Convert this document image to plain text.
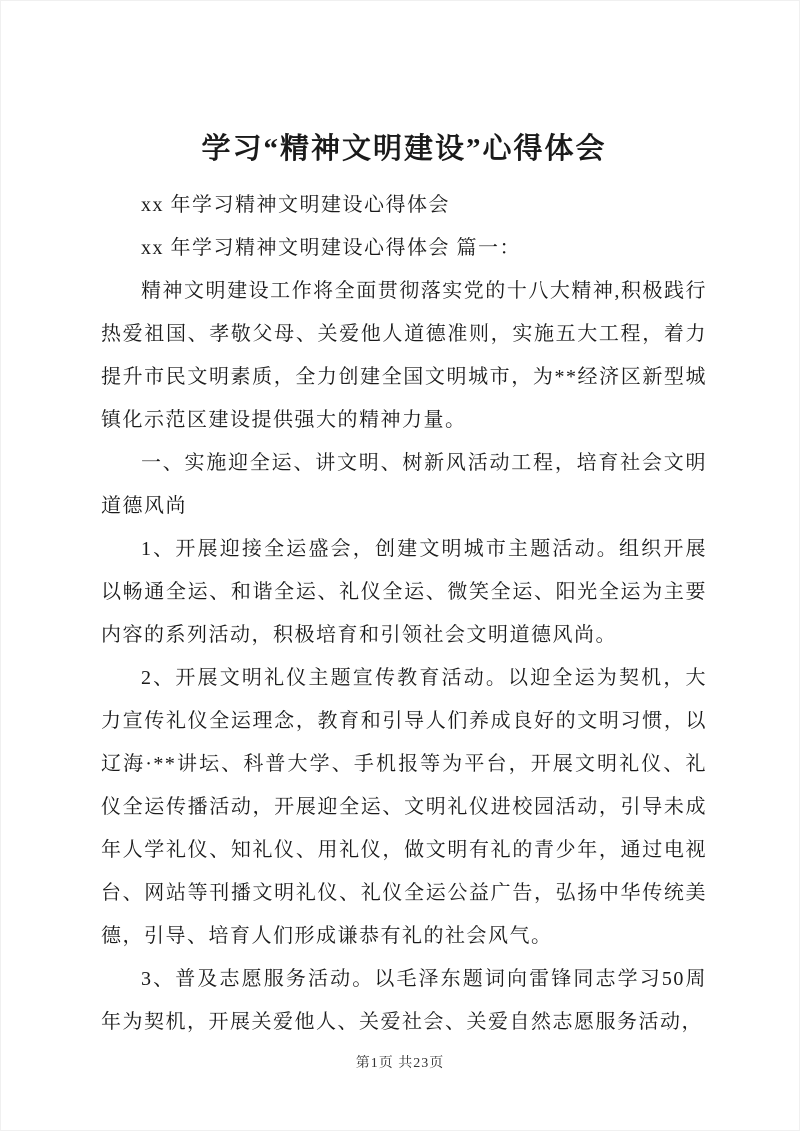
学习“精神文明建设”心得体会

xx 年学习精神文明建设心得体会

xx 年学习精神文明建设心得体会 篇一：

精神文明建设工作将全面贯彻落实党的十八大精神,积极践行热爱祖国、孝敬父母、关爱他人道德准则，实施五大工程，着力提升市民文明素质，全力创建全国文明城市，为**经济区新型城镇化示范区建设提供强大的精神力量。

一、实施迎全运、讲文明、树新风活动工程，培育社会文明道德风尚

1、开展迎接全运盛会，创建文明城市主题活动。组织开展以畅通全运、和谐全运、礼仪全运、微笑全运、阳光全运为主要内容的系列活动，积极培育和引领社会文明道德风尚。

2、开展文明礼仪主题宣传教育活动。以迎全运为契机，大力宣传礼仪全运理念，教育和引导人们养成良好的文明习惯，以辽海·**讲坛、科普大学、手机报等为平台，开展文明礼仪、礼仪全运传播活动，开展迎全运、文明礼仪进校园活动，引导未成年人学礼仪、知礼仪、用礼仪，做文明有礼的青少年，通过电视台、网站等刊播文明礼仪、礼仪全运公益广告，弘扬中华传统美德，引导、培育人们形成谦恭有礼的社会风气。

3、普及志愿服务活动。以毛泽东题词向雷锋同志学习50周年为契机，开展关爱他人、关爱社会、关爱自然志愿服务活动，

第1页 共23页
